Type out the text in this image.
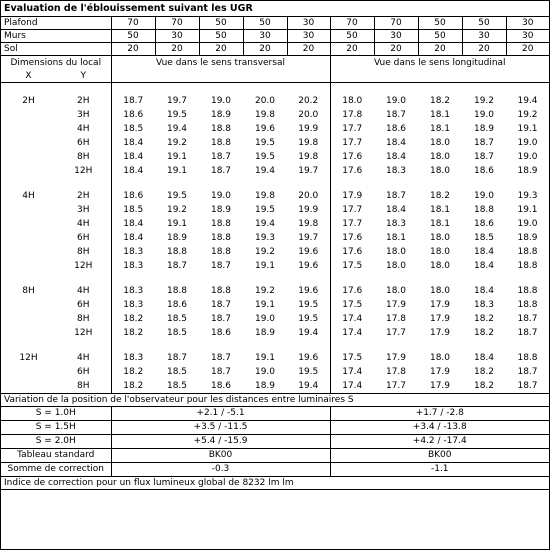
Evaluation de l'éblouissement suivant les UGR
Plafond	70	70	50	50	30	70	70	50	50	30
Murs	50	30	50	30	30	50	30	50	30	30
Sol	20	20	20	20	20	20	20	20	20	20
Dimensions du local		Vue dans le sens transversal					Vue dans le sens longitudinal				
X	Y										

2H	2H	18.7	19.7	19.0	20.0	20.2	18.0	19.0	18.2	19.2	19.4
	3H	18.6	19.5	18.9	19.8	20.0	17.8	18.7	18.1	19.0	19.2
	4H	18.5	19.4	18.8	19.6	19.9	17.7	18.6	18.1	18.9	19.1
	6H	18.4	19.2	18.8	19.5	19.8	17.7	18.4	18.0	18.7	19.0
	8H	18.4	19.1	18.7	19.5	19.8	17.6	18.4	18.0	18.7	19.0
	12H	18.4	19.1	18.7	19.4	19.7	17.6	18.3	18.0	18.6	18.9

4H	2H	18.6	19.5	19.0	19.8	20.0	17.9	18.7	18.2	19.0	19.3
	3H	18.5	19.2	18.9	19.5	19.9	17.7	18.4	18.1	18.8	19.1
	4H	18.4	19.1	18.8	19.4	19.8	17.7	18.3	18.1	18.6	19.0
	6H	18.4	18.9	18.8	19.3	19.7	17.6	18.1	18.0	18.5	18.9
	8H	18.3	18.8	18.8	19.2	19.6	17.6	18.0	18.0	18.4	18.8
	12H	18.3	18.7	18.7	19.1	19.6	17.5	18.0	18.0	18.4	18.8

8H	4H	18.3	18.8	18.8	19.2	19.6	17.6	18.0	18.0	18.4	18.8
	6H	18.3	18.6	18.7	19.1	19.5	17.5	17.9	17.9	18.3	18.8
	8H	18.2	18.5	18.7	19.0	19.5	17.4	17.8	17.9	18.2	18.7
	12H	18.2	18.5	18.6	18.9	19.4	17.4	17.7	17.9	18.2	18.7

12H	4H	18.3	18.7	18.7	19.1	19.6	17.5	17.9	18.0	18.4	18.8
	6H	18.2	18.5	18.7	19.0	19.5	17.4	17.8	17.9	18.2	18.7
	8H	18.2	18.5	18.6	18.9	19.4	17.4	17.7	17.9	18.2	18.7
Variation de la position de l'observateur pour les distances entre luminaires S
S = 1.0H	+2.1 / -5.1	+1.7 / -2.8
S = 1.5H	+3.5 / -11.5	+3.4 / -13.8
S = 2.0H	+5.4 / -15.9	+4.2 / -17.4
Tableau standard	BK00	BK00
Somme de correction	-0.3	-1.1
Indice de correction pour un flux lumineux global de 8232 lm lm
